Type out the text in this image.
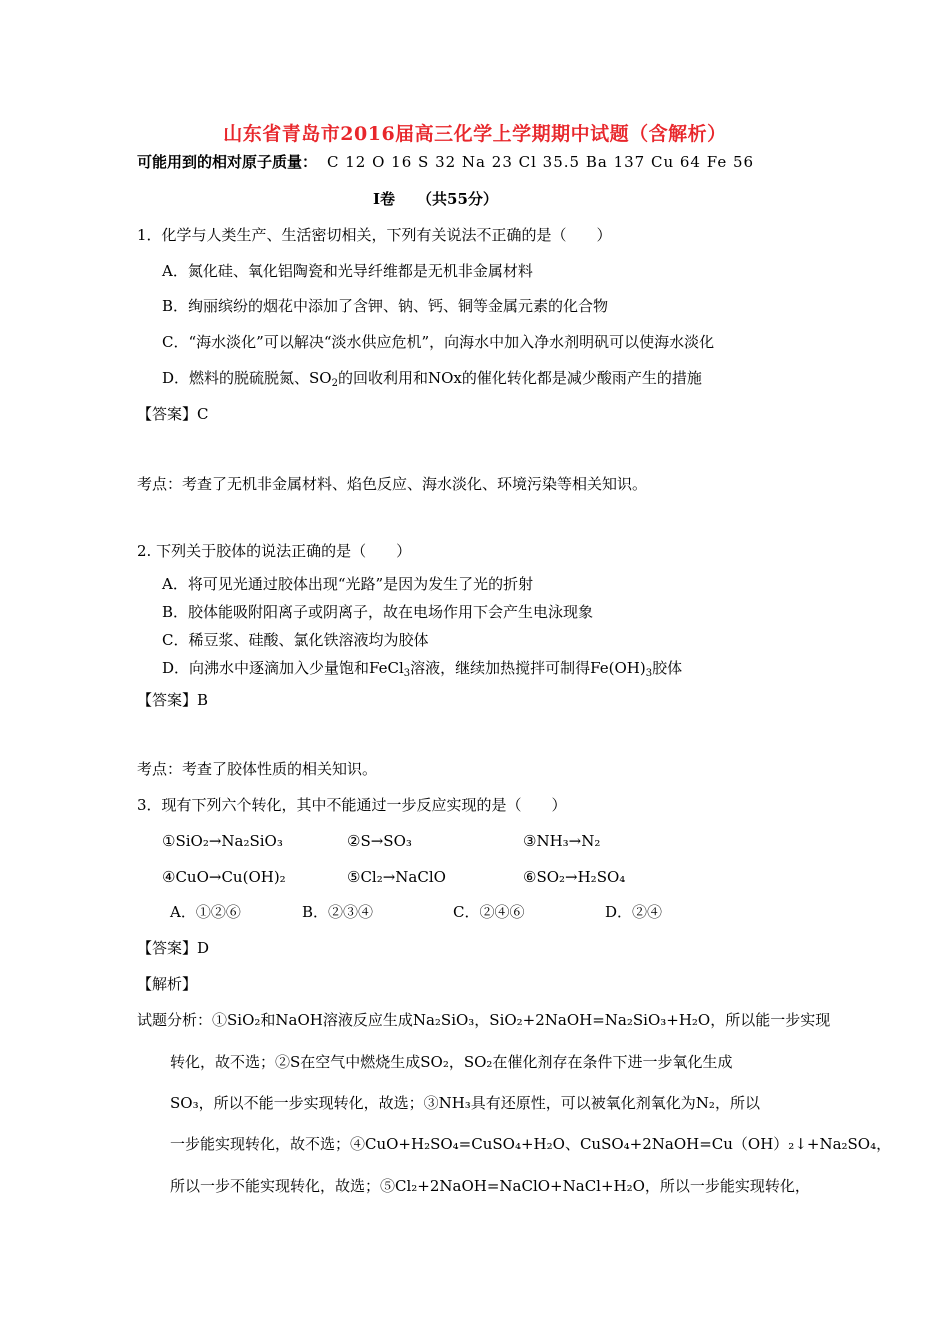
山东省青岛市2016届高三化学上学期期中试题（含解析）
可能用到的相对原子质量： C 12 O 16 S 32 Na 23 Cl 35.5 Ba 137 Cu 64 Fe 56
I卷 （共55分）
1．化学与人类生产、生活密切相关，下列有关说法不正确的是（　　）
A．氮化硅、氧化铝陶瓷和光导纤维都是无机非金属材料
B．绚丽缤纷的烟花中添加了含钾、钠、钙、铜等金属元素的化合物
C．“海水淡化”可以解决“淡水供应危机”，向海水中加入净水剂明矾可以使海水淡化
D．燃料的脱硫脱氮、$SO_2$的回收利用和NOx的催化转化都是减少酸雨产生的措施
【答案】C
考点：考查了无机非金属材料、焰色反应、海水淡化、环境污染等相关知识。
2. 下列关于胶体的说法正确的是（　　）
A．将可见光通过胶体出现“光路”是因为发生了光的折射
B．胶体能吸附阳离子或阴离子，故在电场作用下会产生电泳现象
C．稀豆浆、硅酸、氯化铁溶液均为胶体
D．向沸水中逐滴加入少量饱和FeCl$_3$溶液，继续加热搅拌可制得$Fe(OH)_3$胶体
【答案】B
考点：考查了胶体性质的相关知识。
3．现有下列六个转化，其中不能通过一步反应实现的是（　　）
①SiO₂→Na₂SiO₃	②S→SO₃	③NH₃→N₂
④CuO→Cu(OH)₂	⑤Cl₂→NaClO	⑥SO₂→H₂SO₄
A．①②⑥	B．②③④	C．②④⑥	D．②④
【答案】D
【解析】
试题分析：①SiO₂和NaOH溶液反应生成Na₂SiO₃，SiO₂+2NaOH=Na₂SiO₃+H₂O，所以能一步实现
转化，故不选；②S在空气中燃烧生成SO₂，SO₂在催化剂存在条件下进一步氧化生成
SO₃，所以不能一步实现转化，故选；③NH₃具有还原性，可以被氧化剂氧化为N₂，所以
一步能实现转化，故不选；④CuO+H₂SO₄=CuSO₄+H₂O、CuSO₄+2NaOH=Cu（OH）₂↓+Na₂SO₄，
所以一步不能实现转化，故选；⑤Cl₂+2NaOH=NaClO+NaCl+H₂O，所以一步能实现转化，
